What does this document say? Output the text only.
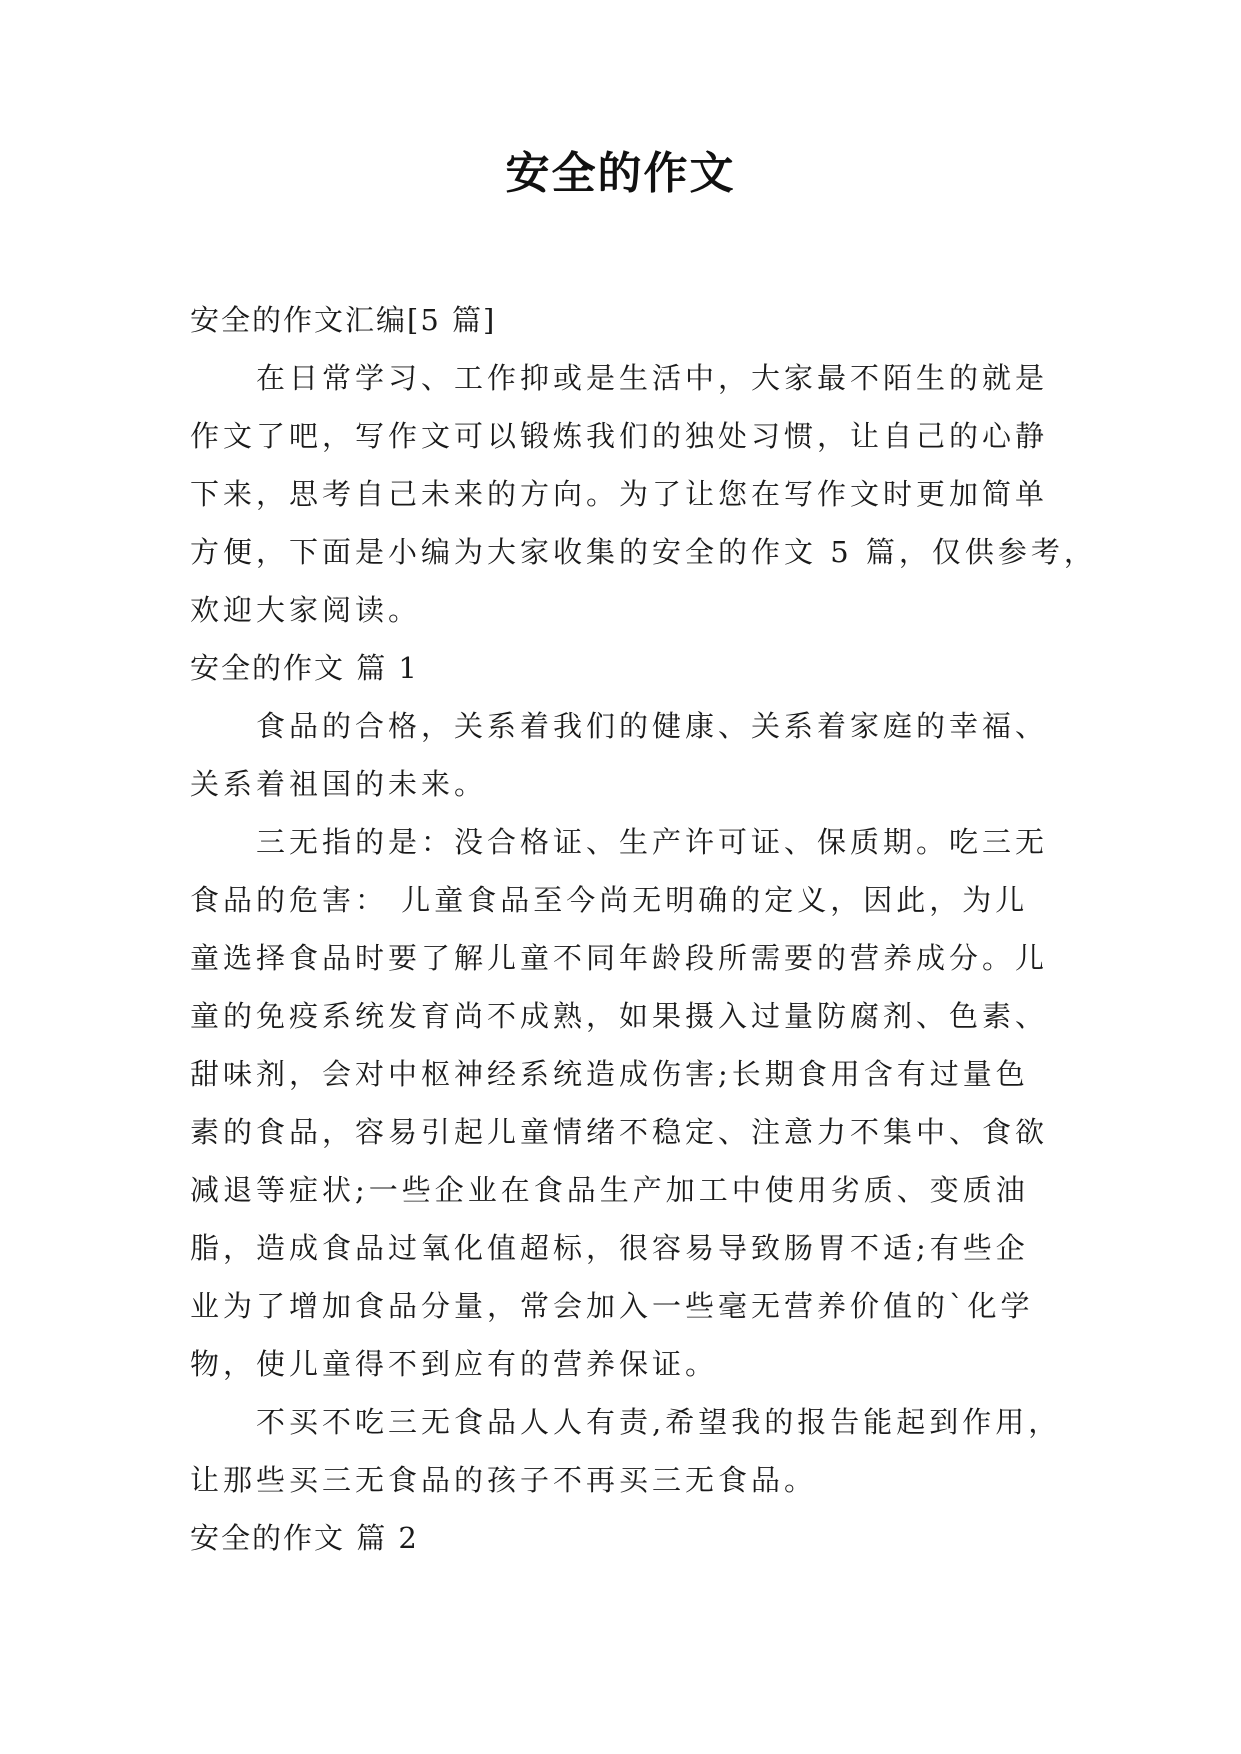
安全的作文

安全的作文汇编[5 篇]

在日常学习、工作抑或是生活中，大家最不陌生的就是

作文了吧，写作文可以锻炼我们的独处习惯，让自己的心静

下来，思考自己未来的方向。为了让您在写作文时更加简单

方便，下面是小编为大家收集的安全的作文 5 篇，仅供参考，

欢迎大家阅读。

安全的作文 篇 1

食品的合格，关系着我们的健康、关系着家庭的幸福、

关系着祖国的未来。

三无指的是：没合格证、生产许可证、保质期。吃三无

食品的危害： 儿童食品至今尚无明确的定义，因此，为儿

童选择食品时要了解儿童不同年龄段所需要的营养成分。儿

童的免疫系统发育尚不成熟，如果摄入过量防腐剂、色素、

甜味剂，会对中枢神经系统造成伤害;长期食用含有过量色

素的食品，容易引起儿童情绪不稳定、注意力不集中、食欲

减退等症状;一些企业在食品生产加工中使用劣质、变质油

脂，造成食品过氧化值超标，很容易导致肠胃不适;有些企

业为了增加食品分量，常会加入一些毫无营养价值的`化学

物，使儿童得不到应有的营养保证。

不买不吃三无食品人人有责,希望我的报告能起到作用，

让那些买三无食品的孩子不再买三无食品。

安全的作文 篇 2
